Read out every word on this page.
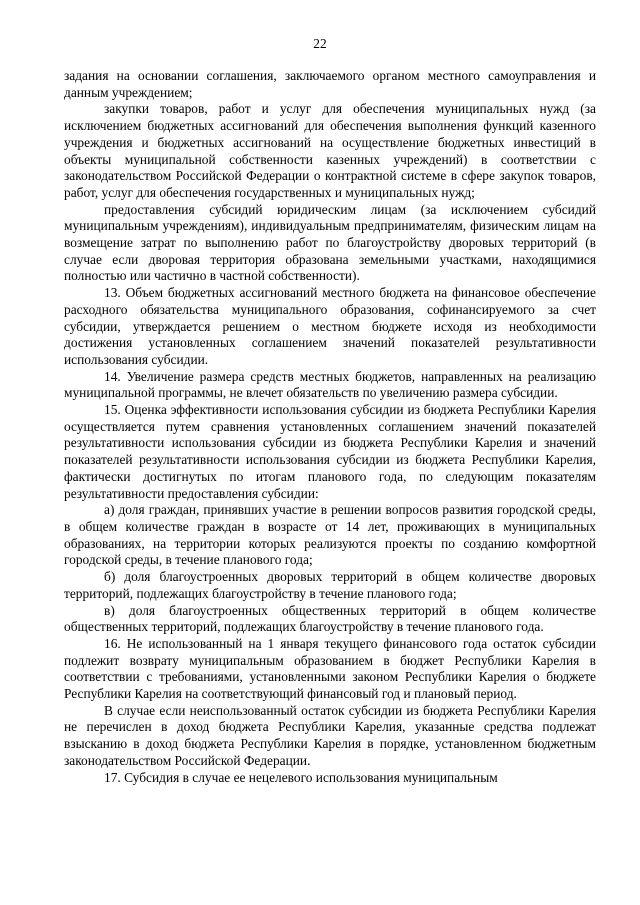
22

задания на основании соглашения, заключаемого органом местного самоуправления и данным учреждением;

закупки товаров, работ и услуг для обеспечения муниципальных нужд (за исключением бюджетных ассигнований для обеспечения выполнения функций казенного учреждения и бюджетных ассигнований на осуществление бюджетных инвестиций в объекты муниципальной собственности казенных учреждений) в соответствии с законодательством Российской Федерации о контрактной системе в сфере закупок товаров, работ, услуг для обеспечения государственных и муниципальных нужд;

предоставления субсидий юридическим лицам (за исключением субсидий муниципальным учреждениям), индивидуальным предпринимателям, физическим лицам на возмещение затрат по выполнению работ по благоустройству дворовых территорий (в случае если дворовая территория образована земельными участками, находящимися полностью или частично в частной собственности).

13. Объем бюджетных ассигнований местного бюджета на финансовое обеспечение расходного обязательства муниципального образования, софинансируемого за счет субсидии, утверждается решением о местном бюджете исходя из необходимости достижения установленных соглашением значений показателей результативности использования субсидии.

14. Увеличение размера средств местных бюджетов, направленных на реализацию муниципальной программы, не влечет обязательств по увеличению размера субсидии.

15. Оценка эффективности использования субсидии из бюджета Республики Карелия осуществляется путем сравнения установленных соглашением значений показателей результативности использования субсидии из бюджета Республики Карелия и значений показателей результативности использования субсидии из бюджета Республики Карелия, фактически достигнутых по итогам планового года, по следующим показателям результативности предоставления субсидии:

а) доля граждан, принявших участие в решении вопросов развития городской среды, в общем количестве граждан в возрасте от 14 лет, проживающих в муниципальных образованиях, на территории которых реализуются проекты по созданию комфортной городской среды, в течение планового года;

б) доля благоустроенных дворовых территорий в общем количестве дворовых территорий, подлежащих благоустройству в течение планового года;

в) доля благоустроенных общественных территорий в общем количестве общественных территорий, подлежащих благоустройству в течение планового года.

16. Не использованный на 1 января текущего финансового года остаток субсидии подлежит возврату муниципальным образованием в бюджет Республики Карелия в соответствии с требованиями, установленными законом Республики Карелия о бюджете Республики Карелия на соответствующий финансовый год и плановый период.

В случае если неиспользованный остаток субсидии из бюджета Республики Карелия не перечислен в доход бюджета Республики Карелия, указанные средства подлежат взысканию в доход бюджета Республики Карелия в порядке, установленном бюджетным законодательством Российской Федерации.

17. Субсидия в случае ее нецелевого использования муниципальным
